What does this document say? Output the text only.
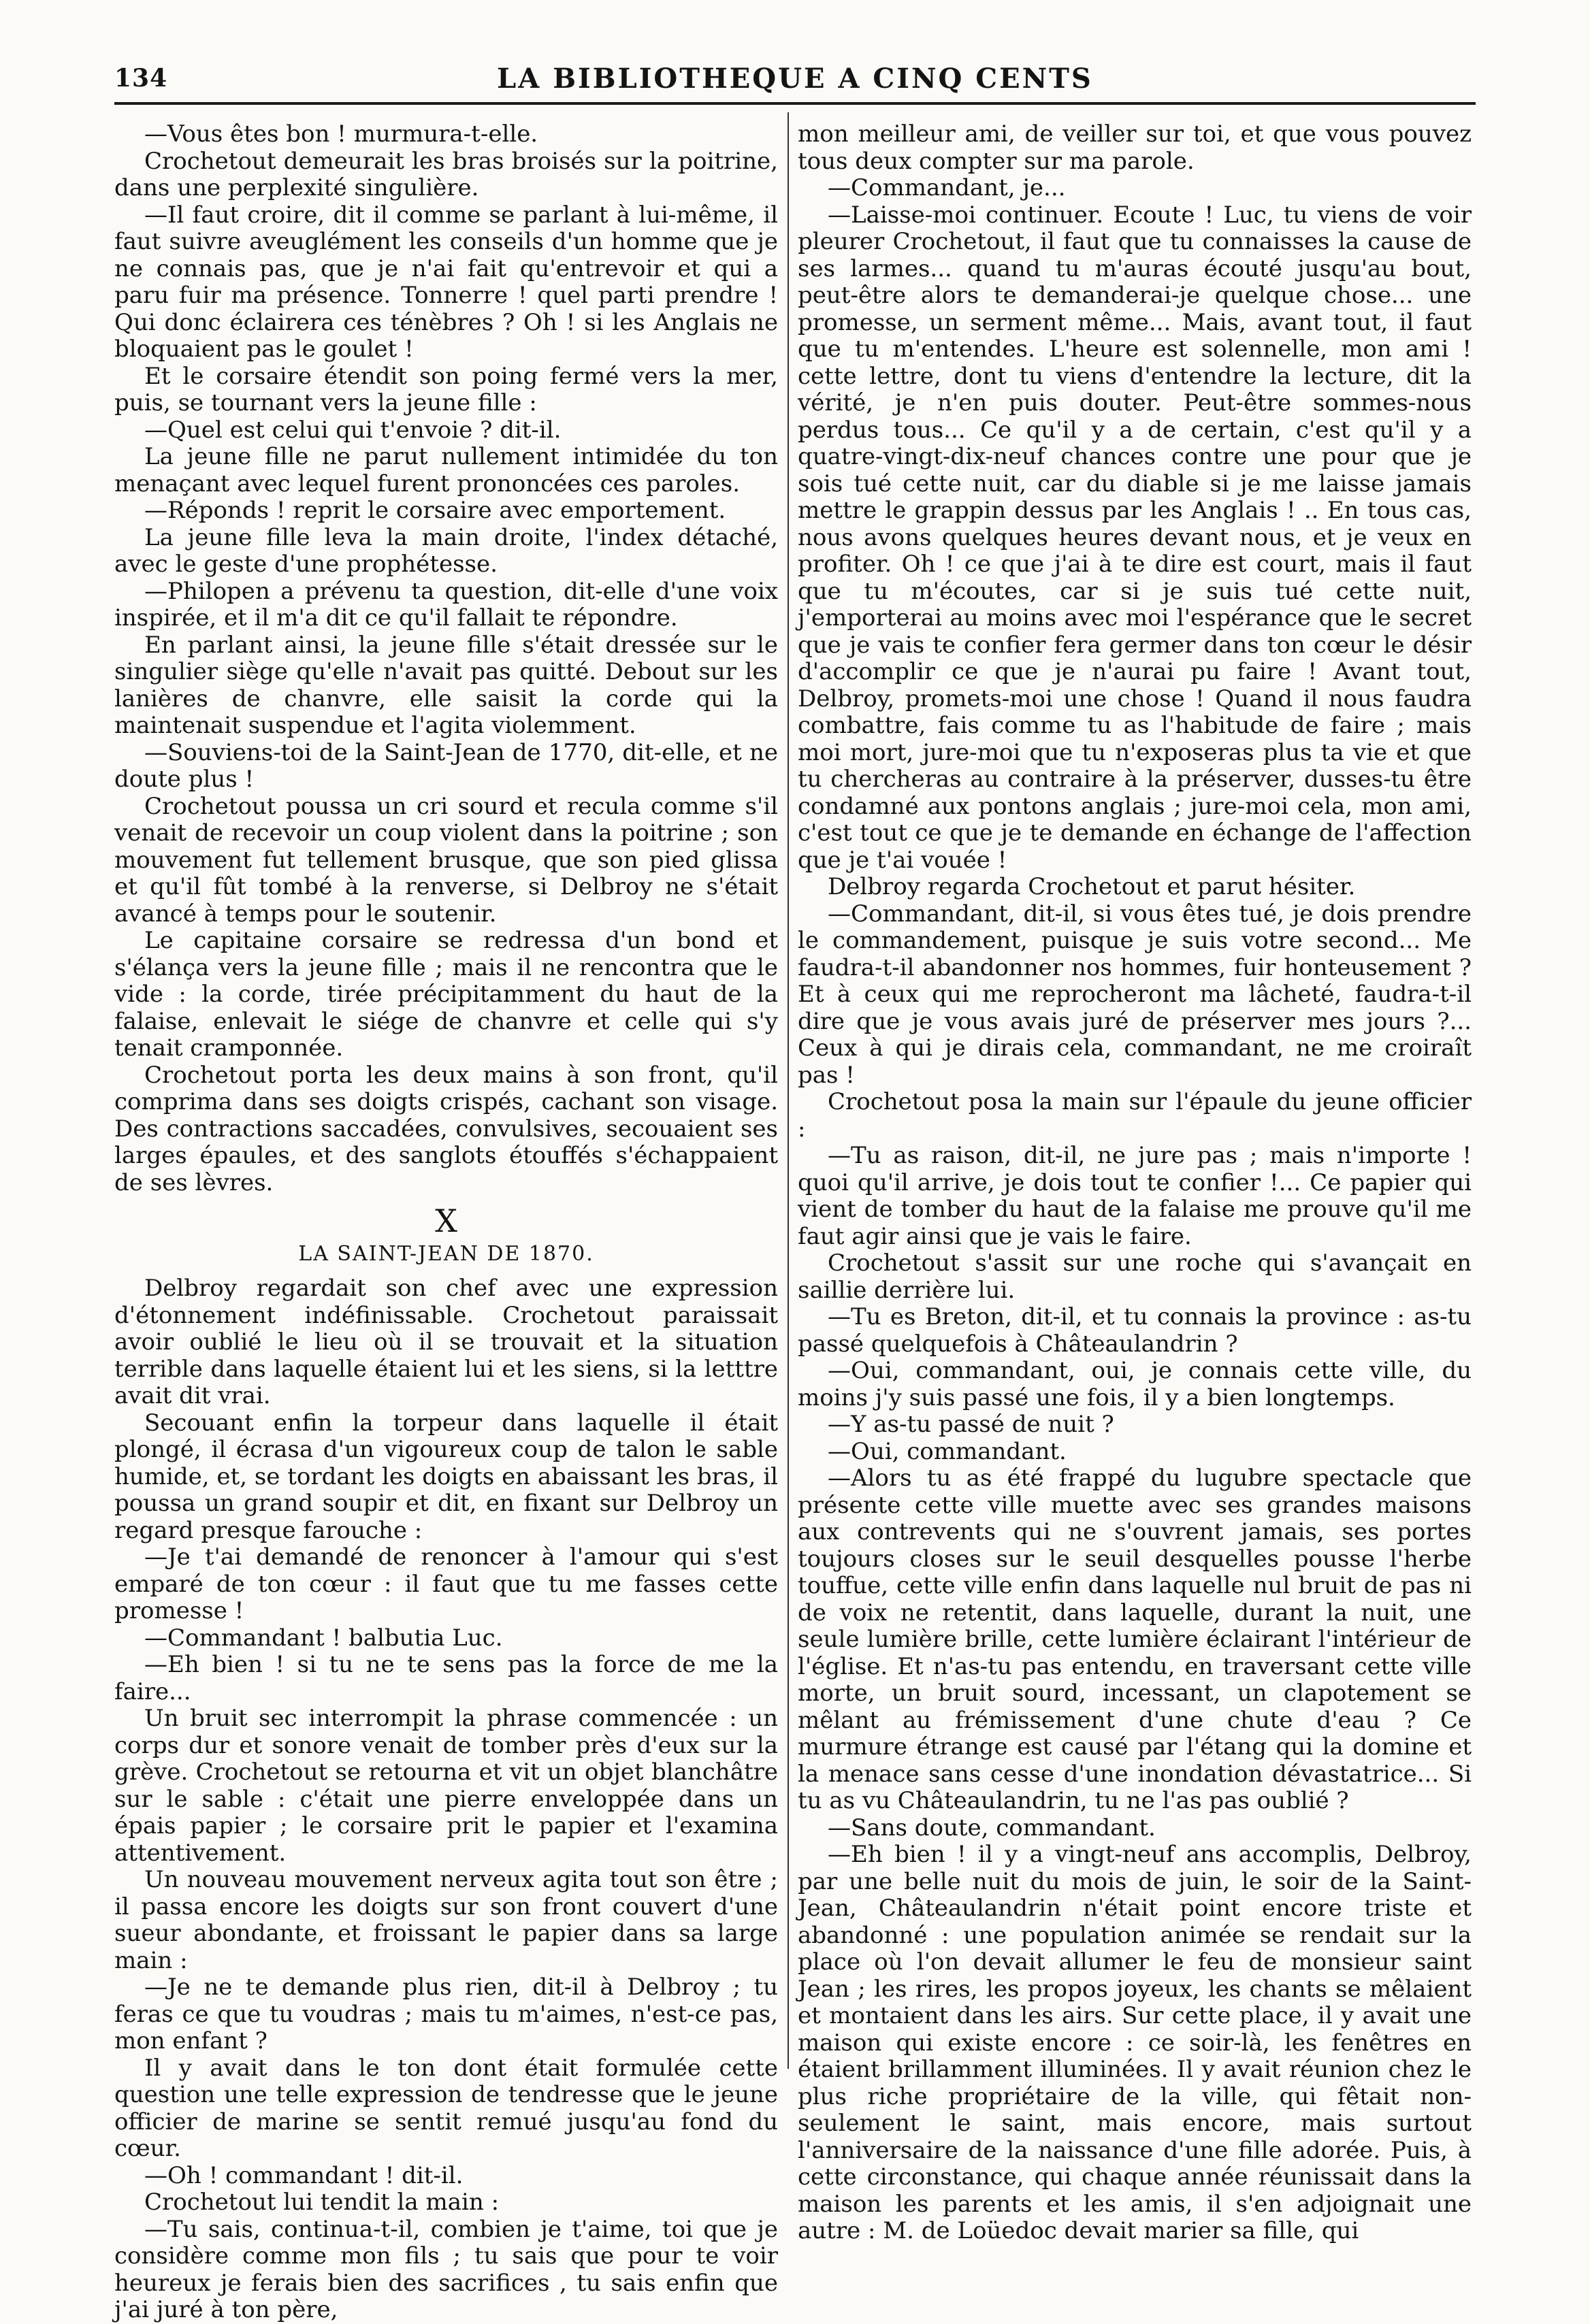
134	LA BIBLIOTHEQUE A CINQ CENTS

—Vous êtes bon ! murmura-t-elle.

Crochetout demeurait les bras broisés sur la poitrine, dans une perplexité singulière.

—Il faut croire, dit il comme se parlant à lui-même, il faut suivre aveuglément les conseils d'un homme que je ne connais pas, que je n'ai fait qu'entrevoir et qui a paru fuir ma présence. Tonnerre ! quel parti prendre ! Qui donc éclairera ces ténèbres ? Oh ! si les Anglais ne bloquaient pas le goulet !

Et le corsaire étendit son poing fermé vers la mer, puis, se tournant vers la jeune fille :

—Quel est celui qui t'envoie ? dit-il.

La jeune fille ne parut nullement intimidée du ton menaçant avec lequel furent prononcées ces paroles.

—Réponds ! reprit le corsaire avec emportement.

La jeune fille leva la main droite, l'index détaché, avec le geste d'une prophétesse.

—Philopen a prévenu ta question, dit-elle d'une voix inspirée, et il m'a dit ce qu'il fallait te répondre.

En parlant ainsi, la jeune fille s'était dressée sur le singulier siège qu'elle n'avait pas quitté. Debout sur les lanières de chanvre, elle saisit la corde qui la maintenait suspendue et l'agita violemment.

—Souviens-toi de la Saint-Jean de 1770, dit-elle, et ne doute plus !

Crochetout poussa un cri sourd et recula comme s'il venait de recevoir un coup violent dans la poitrine ; son mouvement fut tellement brusque, que son pied glissa et qu'il fût tombé à la renverse, si Delbroy ne s'était avancé à temps pour le soutenir.

Le capitaine corsaire se redressa d'un bond et s'élança vers la jeune fille ; mais il ne rencontra que le vide : la corde, tirée précipitamment du haut de la falaise, enlevait le siége de chanvre et celle qui s'y tenait cramponnée.

Crochetout porta les deux mains à son front, qu'il comprima dans ses doigts crispés, cachant son visage. Des contractions saccadées, convulsives, secouaient ses larges épaules, et des sanglots étouffés s'échappaient de ses lèvres.

X
LA SAINT-JEAN DE 1870.

Delbroy regardait son chef avec une expression d'étonnement indéfinissable. Crochetout paraissait avoir oublié le lieu où il se trouvait et la situation terrible dans laquelle étaient lui et les siens, si la letttre avait dit vrai.

Secouant enfin la torpeur dans laquelle il était plongé, il écrasa d'un vigoureux coup de talon le sable humide, et, se tordant les doigts en abaissant les bras, il poussa un grand soupir et dit, en fixant sur Delbroy un regard presque farouche :

—Je t'ai demandé de renoncer à l'amour qui s'est emparé de ton cœur : il faut que tu me fasses cette promesse !

—Commandant ! balbutia Luc.

—Eh bien ! si tu ne te sens pas la force de me la faire...

Un bruit sec interrompit la phrase commencée : un corps dur et sonore venait de tomber près d'eux sur la grève. Crochetout se retourna et vit un objet blanchâtre sur le sable : c'était une pierre enveloppée dans un épais papier ; le corsaire prit le papier et l'examina attentivement.

Un nouveau mouvement nerveux agita tout son être ; il passa encore les doigts sur son front couvert d'une sueur abondante, et froissant le papier dans sa large main :

—Je ne te demande plus rien, dit-il à Delbroy ; tu feras ce que tu voudras ; mais tu m'aimes, n'est-ce pas, mon enfant ?

Il y avait dans le ton dont était formulée cette question une telle expression de tendresse que le jeune officier de marine se sentit remué jusqu'au fond du cœur.

—Oh ! commandant ! dit-il.

Crochetout lui tendit la main :

—Tu sais, continua-t-il, combien je t'aime, toi que je considère comme mon fils ; tu sais que pour te voir heureux je ferais bien des sacrifices , tu sais enfin que j'ai juré à ton père,

mon meilleur ami, de veiller sur toi, et que vous pouvez tous deux compter sur ma parole.

—Commandant, je...

—Laisse-moi continuer. Ecoute ! Luc, tu viens de voir pleurer Crochetout, il faut que tu connaisses la cause de ses larmes... quand tu m'auras écouté jusqu'au bout, peut-être alors te demanderai-je quelque chose... une promesse, un serment même... Mais, avant tout, il faut que tu m'entendes. L'heure est solennelle, mon ami ! cette lettre, dont tu viens d'entendre la lecture, dit la vérité, je n'en puis douter. Peut-être sommes-nous perdus tous... Ce qu'il y a de certain, c'est qu'il y a quatre-vingt-dix-neuf chances contre une pour que je sois tué cette nuit, car du diable si je me laisse jamais mettre le grappin dessus par les Anglais ! .. En tous cas, nous avons quelques heures devant nous, et je veux en profiter. Oh ! ce que j'ai à te dire est court, mais il faut que tu m'écoutes, car si je suis tué cette nuit, j'emporterai au moins avec moi l'espérance que le secret que je vais te confier fera germer dans ton cœur le désir d'accomplir ce que je n'aurai pu faire ! Avant tout, Delbroy, promets-moi une chose ! Quand il nous faudra combattre, fais comme tu as l'habitude de faire ; mais moi mort, jure-moi que tu n'exposeras plus ta vie et que tu chercheras au contraire à la préserver, dusses-tu être condamné aux pontons anglais ; jure-moi cela, mon ami, c'est tout ce que je te demande en échange de l'affection que je t'ai vouée !

Delbroy regarda Crochetout et parut hésiter.

—Commandant, dit-il, si vous êtes tué, je dois prendre le commandement, puisque je suis votre second... Me faudra-t-il abandonner nos hommes, fuir honteusement ? Et à ceux qui me reprocheront ma lâcheté, faudra-t-il dire que je vous avais juré de préserver mes jours ?... Ceux à qui je dirais cela, commandant, ne me croiraît pas !

Crochetout posa la main sur l'épaule du jeune officier :

—Tu as raison, dit-il, ne jure pas ; mais n'importe ! quoi qu'il arrive, je dois tout te confier !... Ce papier qui vient de tomber du haut de la falaise me prouve qu'il me faut agir ainsi que je vais le faire.

Crochetout s'assit sur une roche qui s'avançait en saillie derrière lui.

—Tu es Breton, dit-il, et tu connais la province : as-tu passé quelquefois à Châteaulandrin ?

—Oui, commandant, oui, je connais cette ville, du moins j'y suis passé une fois, il y a bien longtemps.

—Y as-tu passé de nuit ?

—Oui, commandant.

—Alors tu as été frappé du lugubre spectacle que présente cette ville muette avec ses grandes maisons aux contrevents qui ne s'ouvrent jamais, ses portes toujours closes sur le seuil desquelles pousse l'herbe touffue, cette ville enfin dans laquelle nul bruit de pas ni de voix ne retentit, dans laquelle, durant la nuit, une seule lumière brille, cette lumière éclairant l'intérieur de l'église. Et n'as-tu pas entendu, en traversant cette ville morte, un bruit sourd, incessant, un clapotement se mêlant au frémissement d'une chute d'eau ? Ce murmure étrange est causé par l'étang qui la domine et la menace sans cesse d'une inondation dévastatrice... Si tu as vu Châteaulandrin, tu ne l'as pas oublié ?

—Sans doute, commandant.

—Eh bien ! il y a vingt-neuf ans accomplis, Delbroy, par une belle nuit du mois de juin, le soir de la Saint-Jean, Châteaulandrin n'était point encore triste et abandonné : une population animée se rendait sur la place où l'on devait allumer le feu de monsieur saint Jean ; les rires, les propos joyeux, les chants se mêlaient et montaient dans les airs. Sur cette place, il y avait une maison qui existe encore : ce soir-là, les fenêtres en étaient brillamment illuminées. Il y avait réunion chez le plus riche propriétaire de la ville, qui fêtait non-seulement le saint, mais encore, mais surtout l'anniversaire de la naissance d'une fille adorée. Puis, à cette circonstance, qui chaque année réunissait dans la maison les parents et les amis, il s'en adjoignait une autre : M. de Loüedoc devait marier sa fille, qui
